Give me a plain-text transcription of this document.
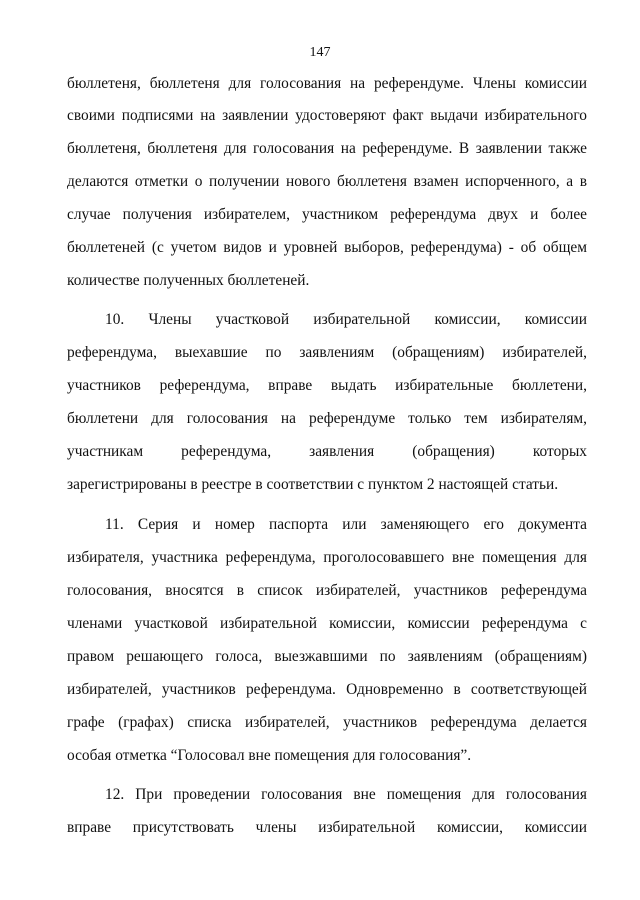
147
бюллетеня, бюллетеня для голосования на референдуме. Члены комиссии
своими подписями на заявлении удостоверяют факт выдачи избирательного
бюллетеня, бюллетеня для голосования на референдуме. В заявлении также
делаются отметки о получении нового бюллетеня взамен испорченного, а в
случае получения избирателем, участником референдума двух и более
бюллетеней (с учетом видов и уровней выборов, референдума) - об общем
количестве полученных бюллетеней.
10. Члены участковой избирательной комиссии, комиссии
референдума, выехавшие по заявлениям (обращениям) избирателей,
участников референдума, вправе выдать избирательные бюллетени,
бюллетени для голосования на референдуме только тем избирателям,
участникам референдума, заявления (обращения) которых
зарегистрированы в реестре в соответствии с пунктом 2 настоящей статьи.
11. Серия и номер паспорта или заменяющего его документа
избирателя, участника референдума, проголосовавшего вне помещения для
голосования, вносятся в список избирателей, участников референдума
членами участковой избирательной комиссии, комиссии референдума с
правом решающего голоса, выезжавшими по заявлениям (обращениям)
избирателей, участников референдума. Одновременно в соответствующей
графе (графах) списка избирателей, участников референдума делается
особая отметка “Голосовал вне помещения для голосования”.
12. При проведении голосования вне помещения для голосования
вправе присутствовать члены избирательной комиссии, комиссии
